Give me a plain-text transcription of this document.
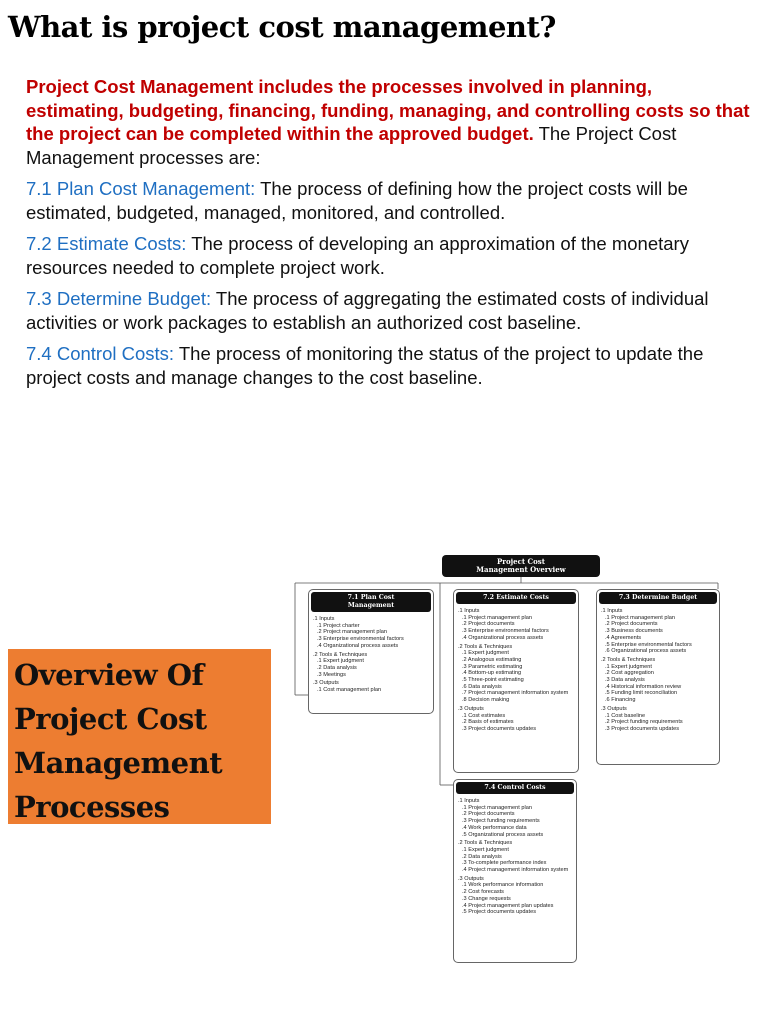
What is project cost management?

Project Cost Management includes the processes involved in planning, estimating, budgeting, financing, funding, managing, and controlling costs so that the project can be completed within the approved budget. The Project Cost Management processes are:

7.1 Plan Cost Management: The process of defining how the project costs will be estimated, budgeted, managed, monitored, and controlled.

7.2 Estimate Costs: The process of developing an approximation of the monetary resources needed to complete project work.

7.3 Determine Budget: The process of aggregating the estimated costs of individual activities or work packages to establish an authorized cost baseline.

7.4 Control Costs: The process of monitoring the status of the project to update the project costs and manage changes to the cost baseline.

Overview Of
Project Cost
Management
Processes
Project Cost
Management Overview
7.1 Plan Cost
Management
.1 Inputs
.1 Project charter
.2 Project management plan
.3 Enterprise environmental factors
.4 Organizational process assets
.2 Tools & Techniques
.1 Expert judgment
.2 Data analysis
.3 Meetings
.3 Outputs
.1 Cost management plan
7.2 Estimate Costs
.1 Inputs
.1 Project management plan
.2 Project documents
.3 Enterprise environmental factors
.4 Organizational process assets
.2 Tools & Techniques
.1 Expert judgment
.2 Analogous estimating
.3 Parametric estimating
.4 Bottom-up estimating
.5 Three-point estimating
.6 Data analysis
.7 Project management information system
.8 Decision making
.3 Outputs
.1 Cost estimates
.2 Basis of estimates
.3 Project documents updates
7.3 Determine Budget
.1 Inputs
.1 Project management plan
.2 Project documents
.3 Business documents
.4 Agreements
.5 Enterprise environmental factors
.6 Organizational process assets
.2 Tools & Techniques
.1 Expert judgment
.2 Cost aggregation
.3 Data analysis
.4 Historical information review
.5 Funding limit reconciliation
.6 Financing
.3 Outputs
.1 Cost baseline
.2 Project funding requirements
.3 Project documents updates
7.4 Control Costs
.1 Inputs
.1 Project management plan
.2 Project documents
.3 Project funding requirements
.4 Work performance data
.5 Organizational process assets
.2 Tools & Techniques
.1 Expert judgment
.2 Data analysis
.3 To-complete performance index
.4 Project management information system
.3 Outputs
.1 Work performance information
.2 Cost forecasts
.3 Change requests
.4 Project management plan updates
.5 Project documents updates
